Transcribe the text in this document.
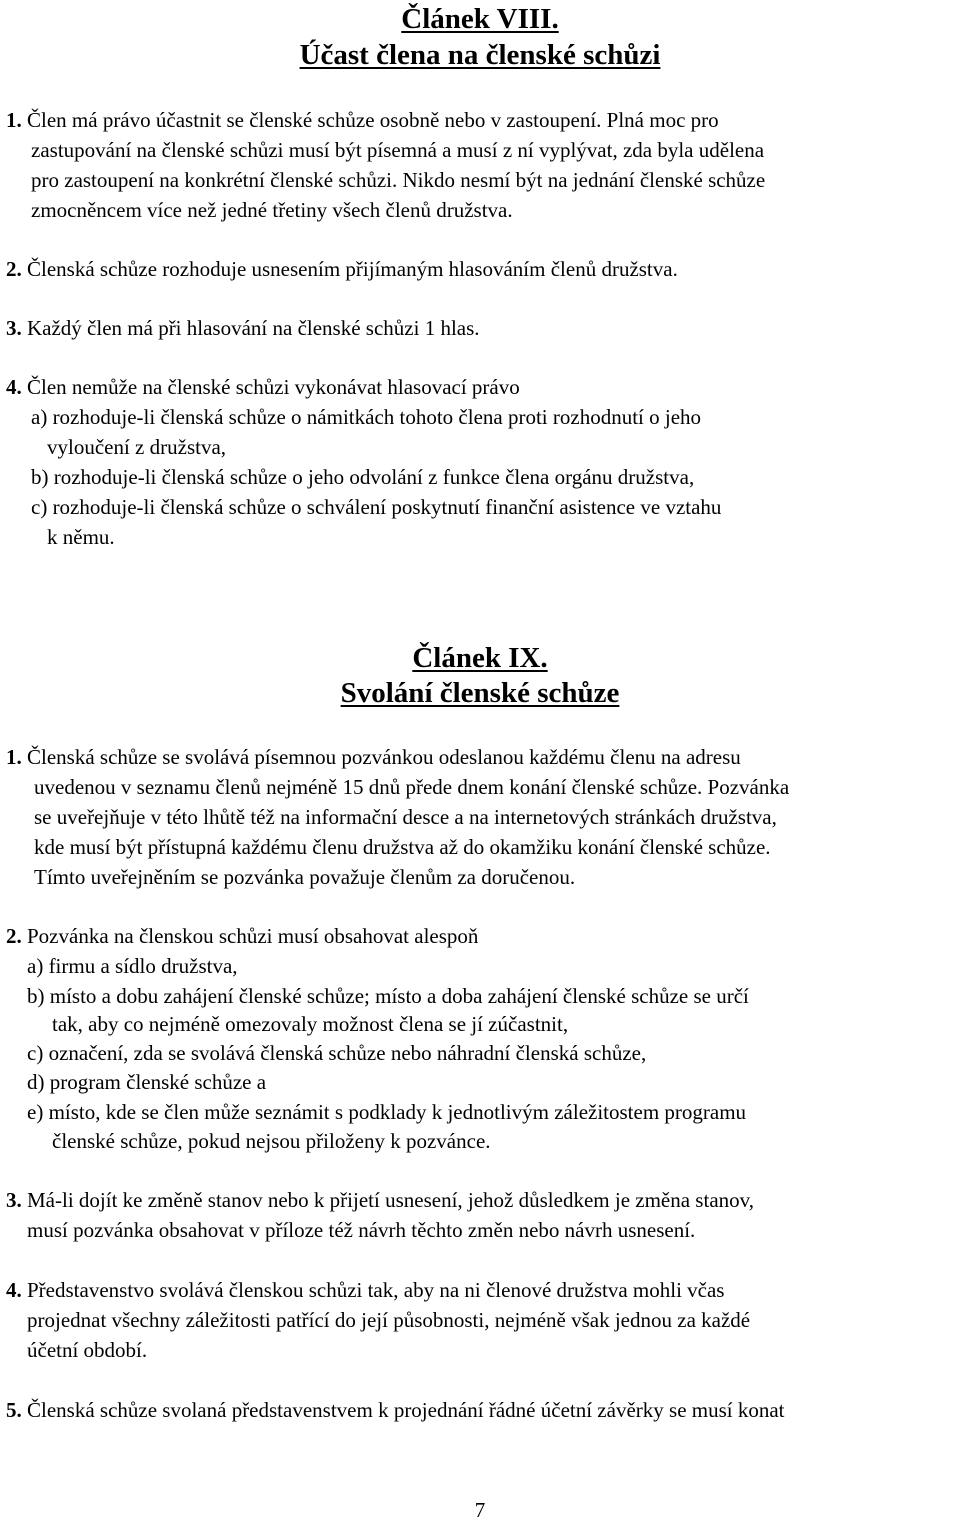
Článek VIII.
Účast člena na členské schůzi
1. Člen má právo účastnit se členské schůze osobně nebo v zastoupení. Plná moc pro
zastupování na členské schůzi musí být písemná a musí z ní vyplývat, zda byla udělena
pro zastoupení na konkrétní členské schůzi. Nikdo nesmí být na jednání členské schůze
zmocněncem více než jedné třetiny všech členů družstva.
2. Členská schůze rozhoduje usnesením přijímaným hlasováním členů družstva.
3. Každý člen má při hlasování na členské schůzi 1 hlas.
4. Člen nemůže na členské schůzi vykonávat hlasovací právo
a) rozhoduje-li členská schůze o námitkách tohoto člena proti rozhodnutí o jeho
vyloučení z družstva,
b) rozhoduje-li členská schůze o jeho odvolání z funkce člena orgánu družstva,
c) rozhoduje-li členská schůze o schválení poskytnutí finanční asistence ve vztahu
k němu.
Článek IX.
Svolání členské schůze
1. Členská schůze se svolává písemnou pozvánkou odeslanou každému členu na adresu
uvedenou v seznamu členů nejméně 15 dnů přede dnem konání členské schůze. Pozvánka
se uveřejňuje v této lhůtě též na informační desce a na internetových stránkách družstva,
kde musí být přístupná každému členu družstva až do okamžiku konání členské schůze.
Tímto uveřejněním se pozvánka považuje členům za doručenou.
2. Pozvánka na členskou schůzi musí obsahovat alespoň
a) firmu a sídlo družstva,
b) místo a dobu zahájení členské schůze; místo a doba zahájení členské schůze se určí
tak, aby co nejméně omezovaly možnost člena se jí zúčastnit,
c) označení, zda se svolává členská schůze nebo náhradní členská schůze,
d) program členské schůze a
e) místo, kde se člen může seznámit s podklady k jednotlivým záležitostem programu
členské schůze, pokud nejsou přiloženy k pozvánce.
3. Má-li dojít ke změně stanov nebo k přijetí usnesení, jehož důsledkem je změna stanov,
musí pozvánka obsahovat v příloze též návrh těchto změn nebo návrh usnesení.
4. Představenstvo svolává členskou schůzi tak, aby na ni členové družstva mohli včas
projednat všechny záležitosti patřící do její působnosti, nejméně však jednou za každé
účetní období.
5. Členská schůze svolaná představenstvem k projednání řádné účetní závěrky se musí konat
7
